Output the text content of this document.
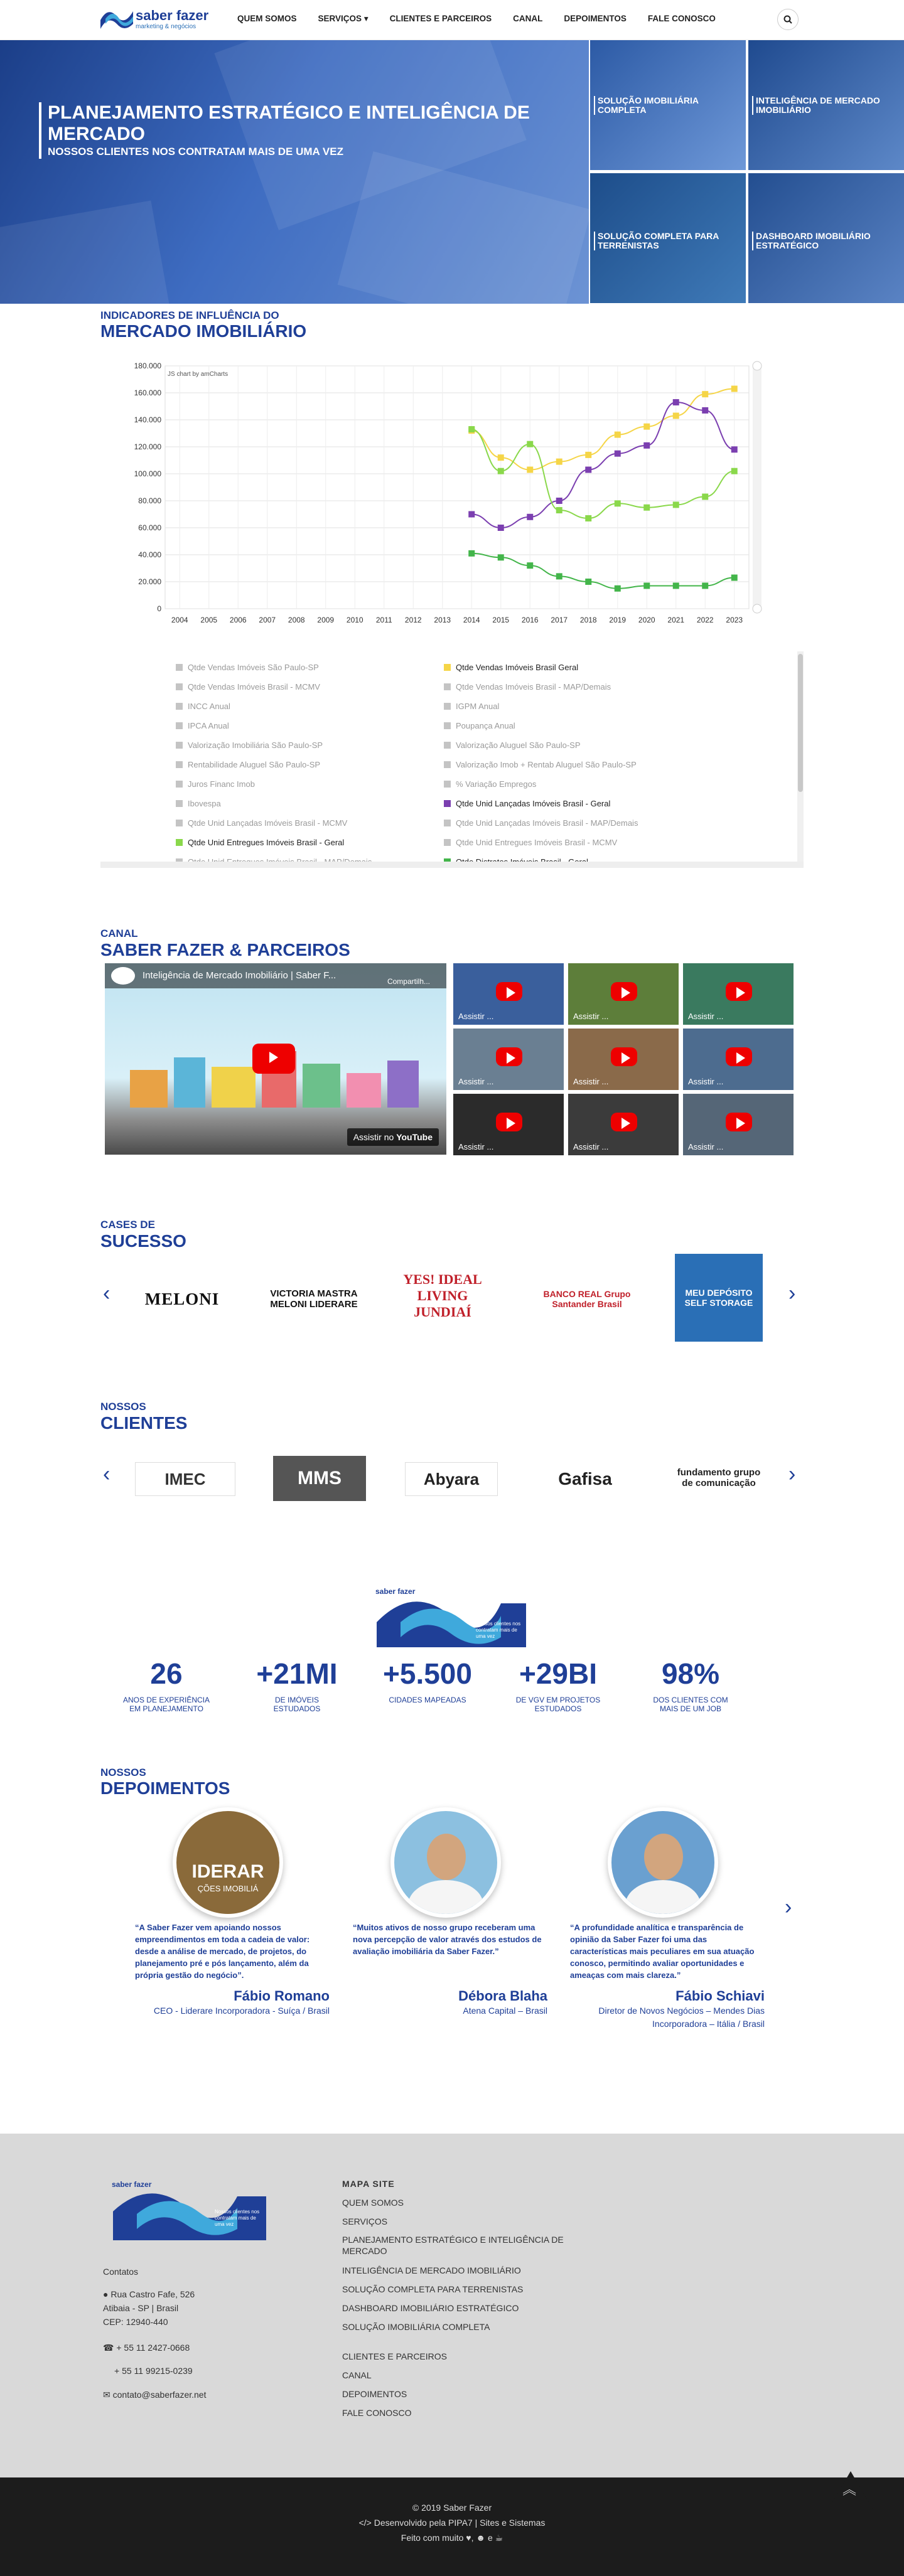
saber fazer
marketing & negócios
QUEM SOMOS	SERVIÇOS ▾	CLIENTES E PARCEIROS	CANAL	DEPOIMENTOS	FALE CONOSCO
PLANEJAMENTO ESTRATÉGICO E INTELIGÊNCIA DE MERCADO
NOSSOS CLIENTES NOS CONTRATAM MAIS DE UMA VEZ
SOLUÇÃO IMOBILIÁRIA COMPLETA
INTELIGÊNCIA DE MERCADO IMOBILIÁRIO
SOLUÇÃO COMPLETA PARA TERRENISTAS
DASHBOARD IMOBILIÁRIO ESTRATÉGICO
INDICADORES DE INFLUÊNCIA DO
MERCADO IMOBILIÁRIO
0
20.000
40.000
60.000
80.000
100.000
120.000
140.000
160.000
180.000
2004 2005 2006 2007 2008 2009 2010 2011 2012 2013 2014 2015 2016 2017 2018 2019 2020 2021 2022 2023
JS chart by amCharts
Qtde Vendas Imóveis São Paulo-SP	Qtde Vendas Imóveis Brasil Geral
Qtde Vendas Imóveis Brasil - MCMV	Qtde Vendas Imóveis Brasil - MAP/Demais
INCC Anual	IGPM Anual
IPCA Anual	Poupança Anual
Valorização Imobiliária São Paulo-SP	Valorização Aluguel São Paulo-SP
Rentabilidade Aluguel São Paulo-SP	Valorização Imob + Rentab Aluguel São Paulo-SP
Juros Financ Imob	% Variação Empregos
Ibovespa	Qtde Unid Lançadas Imóveis Brasil - Geral
Qtde Unid Lançadas Imóveis Brasil - MCMV	Qtde Unid Lançadas Imóveis Brasil - MAP/Demais
Qtde Unid Entregues Imóveis Brasil - Geral	Qtde Unid Entregues Imóveis Brasil - MCMV
CANAL
SABER FAZER & PARCEIROS
Inteligência de Mercado Imobiliário | Saber F...
Compartilh...
Assistir no YouTube
Assistir ...	Assistir ...	Assistir ...
Assistir ...	Assistir ...	Assistir ...
Assistir ...	Assistir ...	Assistir ...
CASES DE
SUCESSO
‹	›
MELONI	VICTORIA MASTRA MELONI LIDERARE
YES! IDEAL LIVING JUNDIAÍ
BANCO REAL Grupo Santander Brasil
MEU DEPÓSITO SELF STORAGE
NOSSOS
CLIENTES
‹	›
IMEC	MMS	Abyara	Gafisa	fundamento grupo de comunicação
saber fazer
Nossos clientes nos contratam mais de uma vez
26
ANOS DE EXPERIÊNCIA EM PLANEJAMENTO
+21MI
DE IMÓVEIS ESTUDADOS
+5.500
CIDADES MAPEADAS
+29BI
DE VGV EM PROJETOS ESTUDADOS
98%
DOS CLIENTES COM MAIS DE UM JOB
NOSSOS
DEPOIMENTOS
›
IDERAR
ÇÕES IMOBILIÁ
“A Saber Fazer vem apoiando nossos empreendimentos em toda a cadeia de valor: desde a análise de mercado, de projetos, do planejamento pré e pós lançamento, além da própria gestão do negócio”.
Fábio Romano
CEO - Liderare Incorporadora - Suíça / Brasil
“Muitos ativos de nosso grupo receberam uma nova percepção de valor através dos estudos de avaliação imobiliária da Saber Fazer.”
Débora Blaha
Atena Capital – Brasil
“A profundidade analítica e transparência de opinião da Saber Fazer foi uma das características mais peculiares em sua atuação conosco, permitindo avaliar oportunidades e ameaças com mais clareza.”
Fábio Schiavi
Diretor de Novos Negócios – Mendes Dias Incorporadora – Itália / Brasil
saber fazer
Nossos clientes nos contratam mais de uma vez
Contatos
● Rua Castro Fafe, 526
Atibaia - SP | Brasil
CEP: 12940-440
☎ + 55 11 2427-0668
+ 55 11 99215-0239
✉ contato@saberfazer.net
MAPA SITE
QUEM SOMOS
SERVIÇOS
PLANEJAMENTO ESTRATÉGICO E INTELIGÊNCIA DE MERCADO
INTELIGÊNCIA DE MERCADO IMOBILIÁRIO
SOLUÇÃO COMPLETA PARA TERRENISTAS
DASHBOARD IMOBILIÁRIO ESTRATÉGICO
SOLUÇÃO IMOBILIÁRIA COMPLETA
CLIENTES E PARCEIROS
CANAL
DEPOIMENTOS
FALE CONOSCO
︽
© 2019 Saber Fazer
</> Desenvolvido pela PIPA7 | Sites e Sistemas
Feito com muito ♥, ☻ e ☕
